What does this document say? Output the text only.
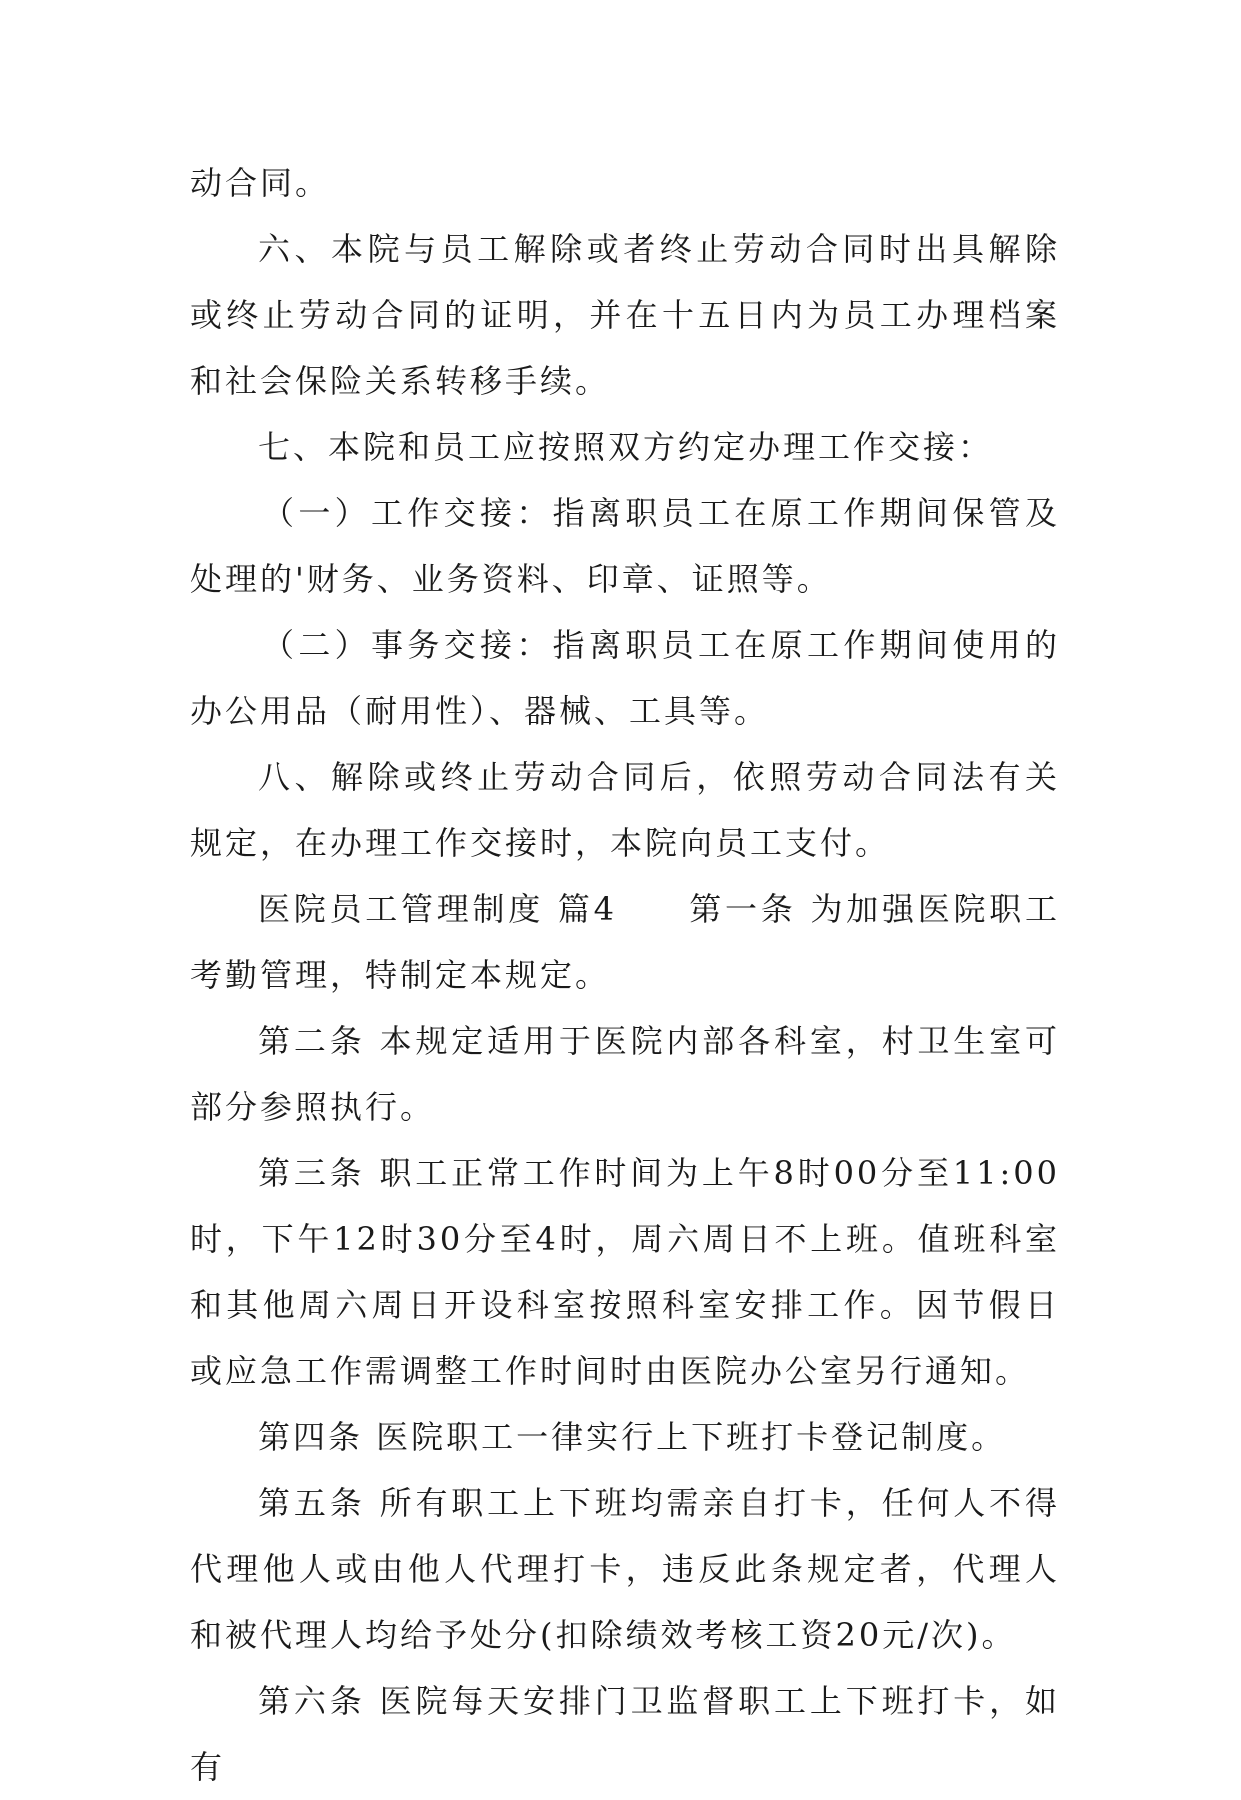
动合同。

六、本院与员工解除或者终止劳动合同时出具解除或终止劳动合同的证明，并在十五日内为员工办理档案和社会保险关系转移手续。

七、本院和员工应按照双方约定办理工作交接：

（一）工作交接：指离职员工在原工作期间保管及处理的'财务、业务资料、印章、证照等。

（二）事务交接：指离职员工在原工作期间使用的办公用品（耐用性）、器械、工具等。

八、解除或终止劳动合同后，依照劳动合同法有关规定，在办理工作交接时，本院向员工支付。

医院员工管理制度 篇4　　第一条 为加强医院职工考勤管理，特制定本规定。

第二条 本规定适用于医院内部各科室，村卫生室可部分参照执行。

第三条 职工正常工作时间为上午8时00分至11:00时，下午12时30分至4时，周六周日不上班。值班科室和其他周六周日开设科室按照科室安排工作。因节假日或应急工作需调整工作时间时由医院办公室另行通知。

第四条 医院职工一律实行上下班打卡登记制度。

第五条 所有职工上下班均需亲自打卡，任何人不得代理他人或由他人代理打卡，违反此条规定者，代理人和被代理人均给予处分(扣除绩效考核工资20元/次)。

第六条 医院每天安排门卫监督职工上下班打卡，如有
